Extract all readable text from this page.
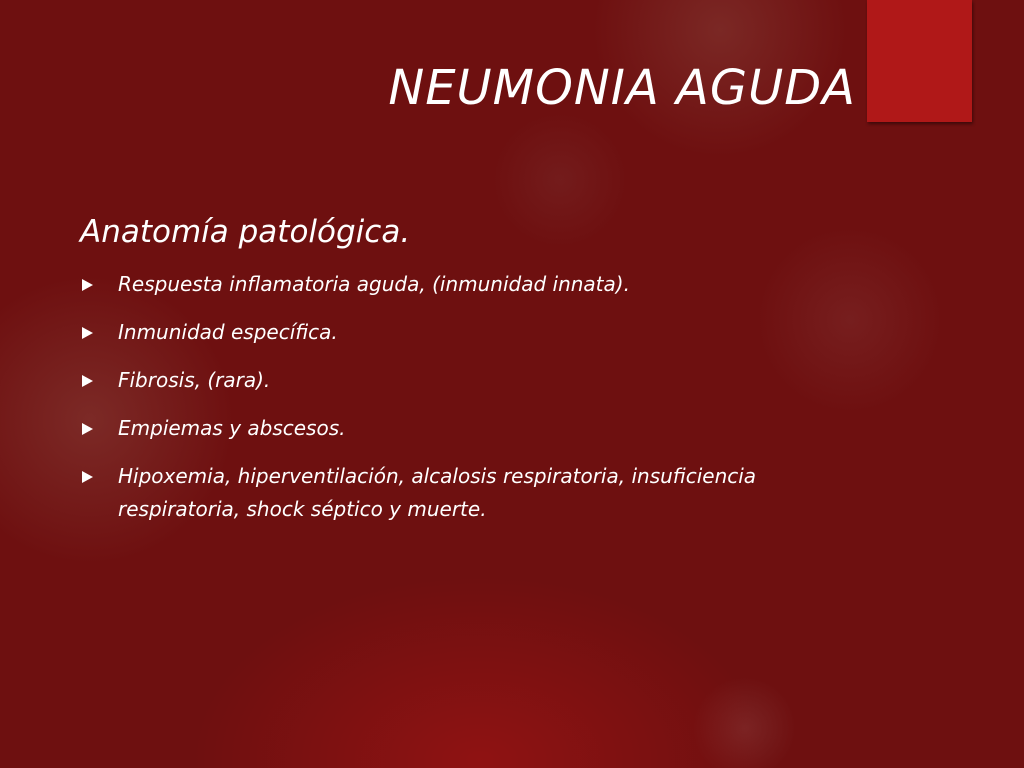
NEUMONIA AGUDA
Anatomía patológica.
Respuesta inflamatoria aguda, (inmunidad innata).
Inmunidad específica.
Fibrosis, (rara).
Empiemas y abscesos.
Hipoxemia, hiperventilación, alcalosis respiratoria, insuficiencia respiratoria, shock séptico y muerte.
